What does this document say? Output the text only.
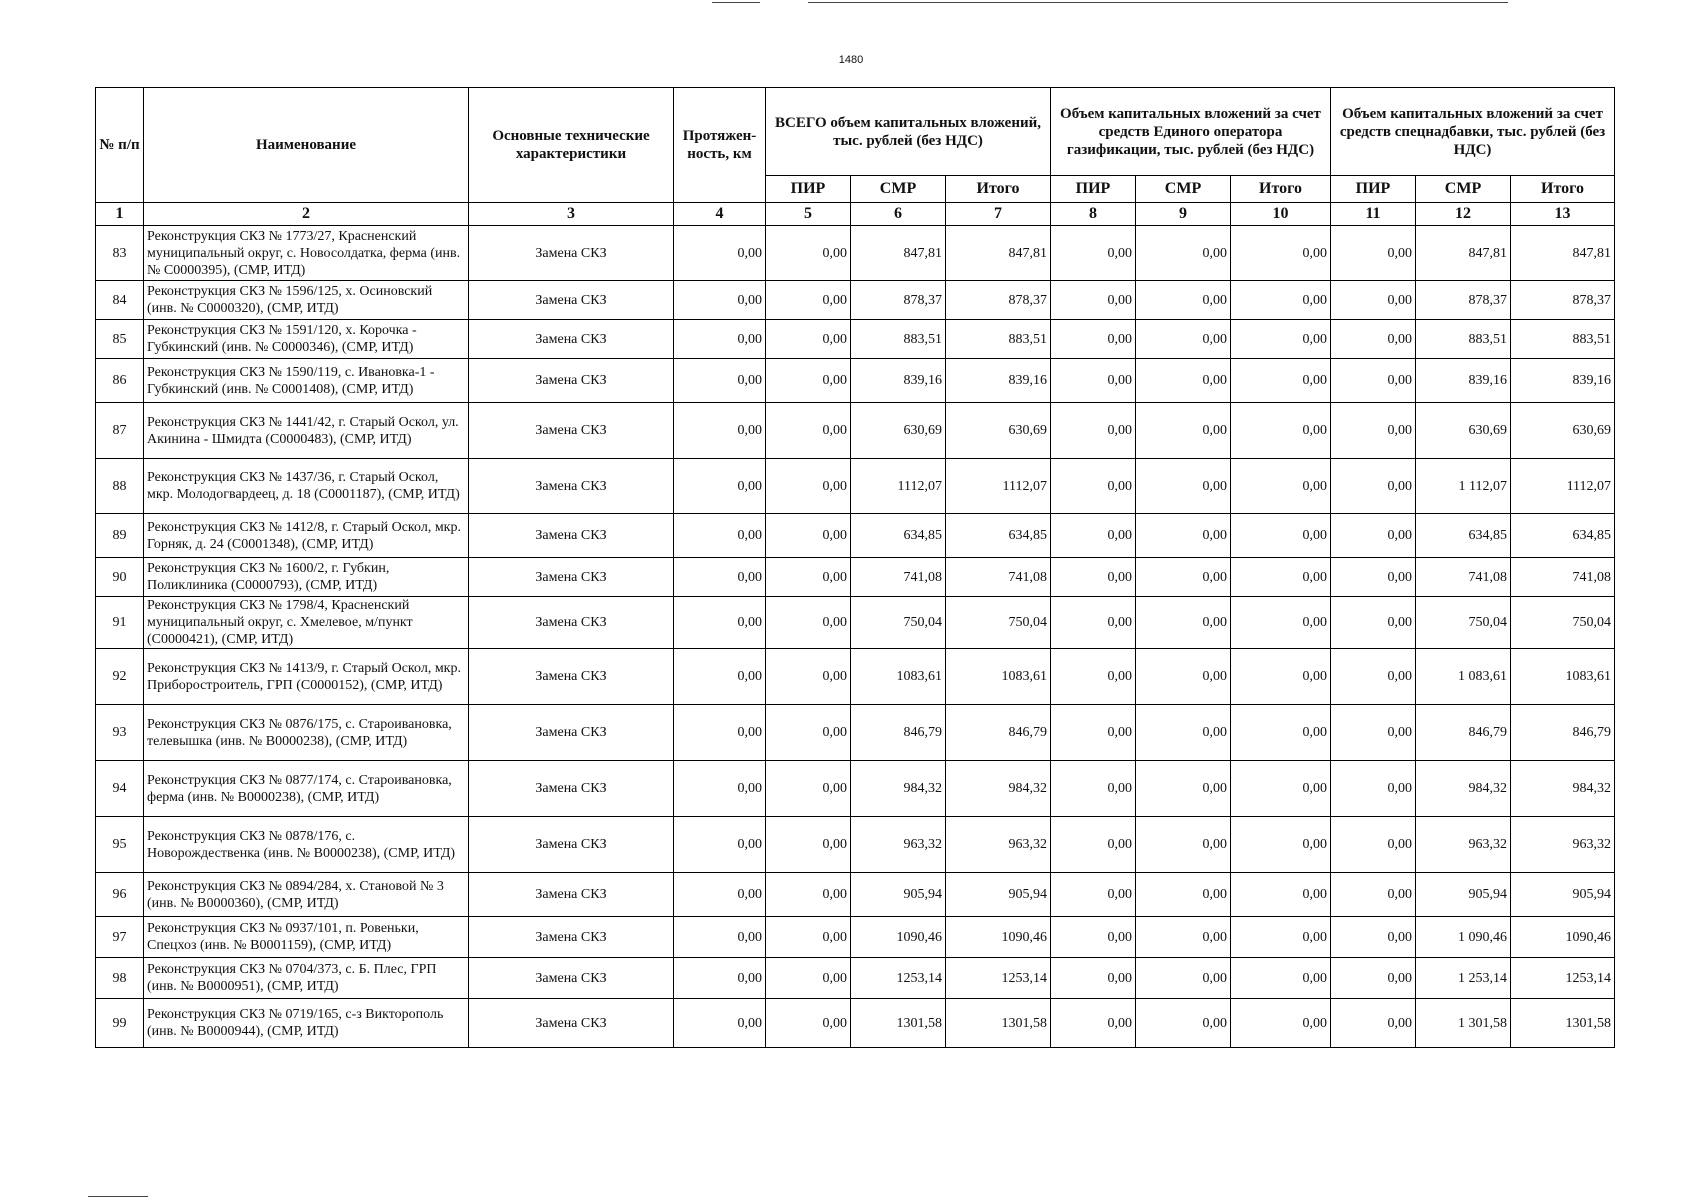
1480
№ п/п	Наименование	Основные технические характеристики	Протяжен-ность, км	ВСЕГО объем капитальных вложений, тыс. рублей (без НДС)			Объем капитальных вложений за счет средств Единого оператора газификации, тыс. рублей (без НДС)			Объем капитальных вложений за счет средств спецнадбавки, тыс. рублей (без НДС)		
				ПИР	СМР	Итого	ПИР	СМР	Итого	ПИР	СМР	Итого
1	2	3	4	5	6	7	8	9	10	11	12	13
83	Реконструкция СКЗ № 1773/27, Красненский муниципальный округ, с. Новосолдатка, ферма (инв. № С0000395), (СМР, ИТД)	Замена СКЗ	0,00	0,00	847,81	847,81	0,00	0,00	0,00	0,00	847,81	847,81
84	Реконструкция СКЗ № 1596/125, х. Осиновский (инв. № С0000320), (СМР, ИТД)	Замена СКЗ	0,00	0,00	878,37	878,37	0,00	0,00	0,00	0,00	878,37	878,37
85	Реконструкция СКЗ № 1591/120, х. Корочка - Губкинский (инв. № С0000346), (СМР, ИТД)	Замена СКЗ	0,00	0,00	883,51	883,51	0,00	0,00	0,00	0,00	883,51	883,51
86	Реконструкция СКЗ № 1590/119, с. Ивановка-1 - Губкинский (инв. № С0001408), (СМР, ИТД)	Замена СКЗ	0,00	0,00	839,16	839,16	0,00	0,00	0,00	0,00	839,16	839,16
87	Реконструкция СКЗ № 1441/42, г. Старый Оскол, ул. Акинина - Шмидта (С0000483), (СМР, ИТД)	Замена СКЗ	0,00	0,00	630,69	630,69	0,00	0,00	0,00	0,00	630,69	630,69
88	Реконструкция СКЗ № 1437/36, г. Старый Оскол, мкр. Молодогвардеец, д. 18 (С0001187), (СМР, ИТД)	Замена СКЗ	0,00	0,00	1112,07	1112,07	0,00	0,00	0,00	0,00	1 112,07	1112,07
89	Реконструкция СКЗ № 1412/8, г. Старый Оскол, мкр. Горняк, д. 24 (С0001348), (СМР, ИТД)	Замена СКЗ	0,00	0,00	634,85	634,85	0,00	0,00	0,00	0,00	634,85	634,85
90	Реконструкция СКЗ № 1600/2, г. Губкин, Поликлиника (С0000793), (СМР, ИТД)	Замена СКЗ	0,00	0,00	741,08	741,08	0,00	0,00	0,00	0,00	741,08	741,08
91	Реконструкция СКЗ № 1798/4, Красненский муниципальный округ, с. Хмелевое, м/пункт (С0000421), (СМР, ИТД)	Замена СКЗ	0,00	0,00	750,04	750,04	0,00	0,00	0,00	0,00	750,04	750,04
92	Реконструкция СКЗ № 1413/9, г. Старый Оскол, мкр. Приборостроитель, ГРП (С0000152), (СМР, ИТД)	Замена СКЗ	0,00	0,00	1083,61	1083,61	0,00	0,00	0,00	0,00	1 083,61	1083,61
93	Реконструкция СКЗ № 0876/175, с. Староивановка, телевышка (инв. № В0000238), (СМР, ИТД)	Замена СКЗ	0,00	0,00	846,79	846,79	0,00	0,00	0,00	0,00	846,79	846,79
94	Реконструкция СКЗ № 0877/174, с. Староивановка, ферма (инв. № В0000238), (СМР, ИТД)	Замена СКЗ	0,00	0,00	984,32	984,32	0,00	0,00	0,00	0,00	984,32	984,32
95	Реконструкция СКЗ № 0878/176, с. Новорождественка (инв. № В0000238), (СМР, ИТД)	Замена СКЗ	0,00	0,00	963,32	963,32	0,00	0,00	0,00	0,00	963,32	963,32
96	Реконструкция СКЗ № 0894/284, х. Становой № 3 (инв. № В0000360), (СМР, ИТД)	Замена СКЗ	0,00	0,00	905,94	905,94	0,00	0,00	0,00	0,00	905,94	905,94
97	Реконструкция СКЗ № 0937/101, п. Ровеньки, Спецхоз (инв. № В0001159), (СМР, ИТД)	Замена СКЗ	0,00	0,00	1090,46	1090,46	0,00	0,00	0,00	0,00	1 090,46	1090,46
98	Реконструкция СКЗ № 0704/373, с. Б. Плес, ГРП (инв. № В0000951), (СМР, ИТД)	Замена СКЗ	0,00	0,00	1253,14	1253,14	0,00	0,00	0,00	0,00	1 253,14	1253,14
99	Реконструкция СКЗ № 0719/165, с-з Викторополь (инв. № В0000944), (СМР, ИТД)	Замена СКЗ	0,00	0,00	1301,58	1301,58	0,00	0,00	0,00	0,00	1 301,58	1301,58
